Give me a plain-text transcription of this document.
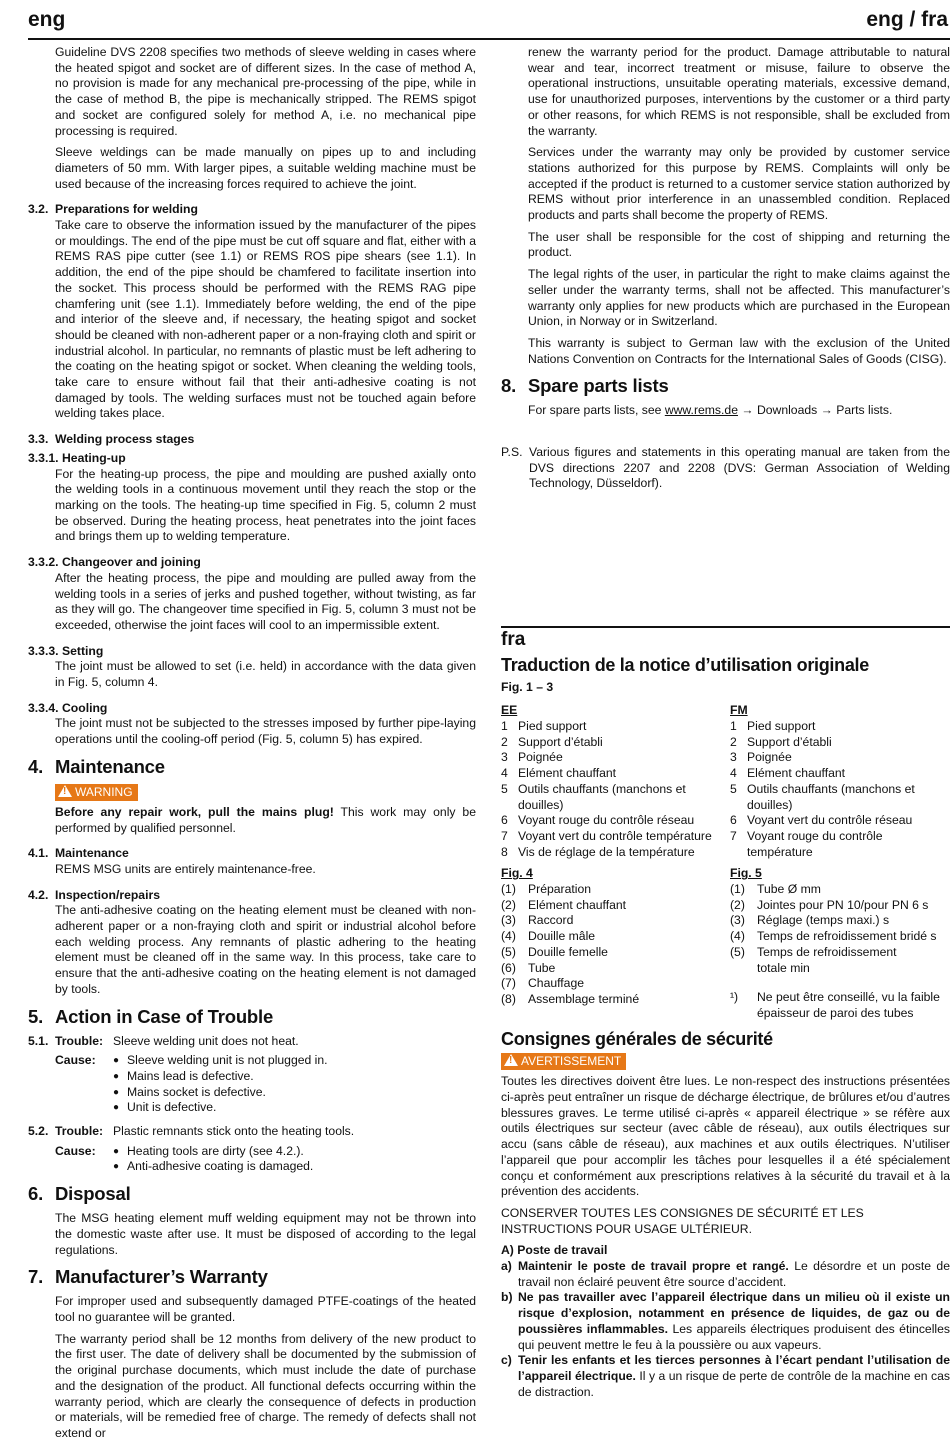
eng	eng / fra

Guideline DVS 2208 specifies two methods of sleeve welding in cases where the heated spigot and socket are of different sizes. In the case of method A, no provision is made for any mechanical pre-processing of the pipe, while in the case of method B, the pipe is mechanically stripped. The REMS spigot and socket are configured solely for method A, i.e. no mechanical pipe processing is required.

Sleeve weldings can be made manually on pipes up to and including diameters of 50 mm. With larger pipes, a suitable welding machine must be used because of the increasing forces required to achieve the joint.

3.2. Preparations for welding

Take care to observe the information issued by the manufacturer of the pipes or mouldings. The end of the pipe must be cut off square and flat, either with a REMS RAS pipe cutter (see 1.1) or REMS ROS pipe shears (see 1.1). In addition, the end of the pipe should be chamfered to facilitate insertion into the socket. This process should be performed with the REMS RAG pipe chamfering unit (see 1.1). Immediately before welding, the end of the pipe and interior of the sleeve and, if necessary, the heating spigot and socket should be cleaned with non-adherent paper or a non-fraying cloth and spirit or industrial alcohol. In particular, no remnants of plastic must be left adhering to the coating on the heating spigot or socket. When cleaning the welding tools, take care to ensure without fail that their anti-adhesive coating is not damaged by tools. The welding surfaces must not be touched again before welding takes place.

3.3. Welding process stages
3.3.1. Heating-up

For the heating-up process, the pipe and moulding are pushed axially onto the welding tools in a continuous movement until they reach the stop or the marking on the tools. The heating-up time specified in Fig. 5, column 2 must be observed. During the heating process, heat penetrates into the joint faces and brings them up to welding temperature.

3.3.2. Changeover and joining

After the heating process, the pipe and moulding are pulled away from the welding tools in a series of jerks and pushed together, without twisting, as far as they will go. The changeover time specified in Fig. 5, column 3 must not be exceeded, otherwise the joint faces will cool to an impermissible extent.

3.3.3. Setting

The joint must be allowed to set (i.e. held) in accordance with the data given in Fig. 5, column 4.

3.3.4. Cooling

The joint must not be subjected to the stresses imposed by further pipe-laying operations until the cooling-off period (Fig. 5, column 5) has expired.

4. Maintenance
!WARNING

Before any repair work, pull the mains plug! This work may only be performed by qualified personnel.

4.1. Maintenance

REMS MSG units are entirely maintenance-free.

4.2. Inspection/repairs

The anti-adhesive coating on the heating element must be cleaned with non-adherent paper or a non-fraying cloth and spirit or industrial alcohol before each welding process. Any remnants of plastic adhering to the heating element must be cleaned off in the same way. In this process, take care to ensure that the anti-adhesive coating on the heating element is not damaged by tools.

5. Action in Case of Trouble
5.1. Trouble: Sleeve welding unit does not heat.
Cause:	● Sleeve welding unit is not plugged in.
● Mains lead is defective.
● Mains socket is defective.
● Unit is defective.
5.2. Trouble: Plastic remnants stick onto the heating tools.
Cause:	● Heating tools are dirty (see 4.2.).
● Anti-adhesive coating is damaged.
6. Disposal

The MSG heating element muff welding equipment may not be thrown into the domestic waste after use. It must be disposed of according to the legal regulations.

7. Manufacturer’s Warranty

For improper used and subsequently damaged PTFE-coatings of the heated tool no guarantee will be granted.

The warranty period shall be 12 months from delivery of the new product to the first user. The date of delivery shall be documented by the submission of the original purchase documents, which must include the date of purchase and the designation of the product. All functional defects occurring within the warranty period, which are clearly the consequence of defects in production or materials, will be remedied free of charge. The remedy of defects shall not extend or

renew the warranty period for the product. Damage attributable to natural wear and tear, incorrect treatment or misuse, failure to observe the operational instructions, unsuitable operating materials, excessive demand, use for unauthorized purposes, interventions by the customer or a third party or other reasons, for which REMS is not responsible, shall be excluded from the warranty.

Services under the warranty may only be provided by customer service stations authorized for this purpose by REMS. Complaints will only be accepted if the product is returned to a customer service station authorized by REMS without prior interference in an unassembled condition. Replaced products and parts shall become the property of REMS.

The user shall be responsible for the cost of shipping and returning the product.

The legal rights of the user, in particular the right to make claims against the seller under the warranty terms, shall not be affected. This manufacturer’s warranty only applies for new products which are purchased in the European Union, in Norway or in Switzerland.

This warranty is subject to German law with the exclusion of the United Nations Convention on Contracts for the International Sales of Goods (CISG).

8. Spare parts lists

For spare parts lists, see www.rems.de → Downloads → Parts lists.

P.S. Various figures and statements in this operating manual are taken from the DVS directions 2207 and 2208 (DVS: German Association of Welding Technology, Düsseldorf).

fra
Traduction de la notice d’utilisation originale
Fig. 1 – 3
EE
1 Pied support
2 Support d’établi
3 Poignée
4 Elément chauffant
5 Outils chauffants (manchons et douilles)
6 Voyant rouge du contrôle réseau
7 Voyant vert du contrôle température
8 Vis de réglage de la température
FM
1 Pied support
2 Support d’établi
3 Poignée
4 Elément chauffant
5 Outils chauffants (manchons et douilles)
6 Voyant vert du contrôle réseau
7 Voyant rouge du contrôle température
Fig. 4
(1) Préparation
(2) Elément chauffant
(3) Raccord
(4) Douille mâle
(5) Douille femelle
(6) Tube
(7) Chauffage
(8) Assemblage terminé
Fig. 5
(1) Tube Ø mm
(2) Jointes pour PN 10/pour PN 6 s
(3) Réglage (temps maxi.) s
(4) Temps de refroidissement bridé s
(5) Temps de refroidissement totale min
¹)	Ne peut être conseillé, vu la faible épaisseur de paroi des tubes
Consignes générales de sécurité
!AVERTISSEMENT

Toutes les directives doivent être lues. Le non-respect des instructions présentées ci-après peut entraîner un risque de décharge électrique, de brûlures et/ou d’autres blessures graves. Le terme utilisé ci-après « appareil électrique » se réfère aux outils électriques sur secteur (avec câble de réseau), aux outils électriques sur accu (sans câble de réseau), aux machines et aux outils électriques. N’utiliser l’appareil que pour accomplir les tâches pour lesquelles il a été spécialement conçu et conformément aux prescriptions relatives à la sécurité du travail et à la prévention des accidents.

CONSERVER TOUTES LES CONSIGNES DE SÉCURITÉ ET LES INSTRUCTIONS POUR USAGE ULTÉRIEUR.

A) Poste de travail
a) Maintenir le poste de travail propre et rangé. Le désordre et un poste de travail non éclairé peuvent être source d’accident.

b) Ne pas travailler avec l’appareil électrique dans un milieu où il existe un risque d’explosion, notamment en présence de liquides, de gaz ou de poussières inflammables. Les appareils électriques produisent des étincelles qui peuvent mettre le feu à la poussière ou aux vapeurs.

c) Tenir les enfants et les tierces personnes à l’écart pendant l’utilisation de l’appareil électrique. Il y a un risque de perte de contrôle de la machine en cas de distraction.
